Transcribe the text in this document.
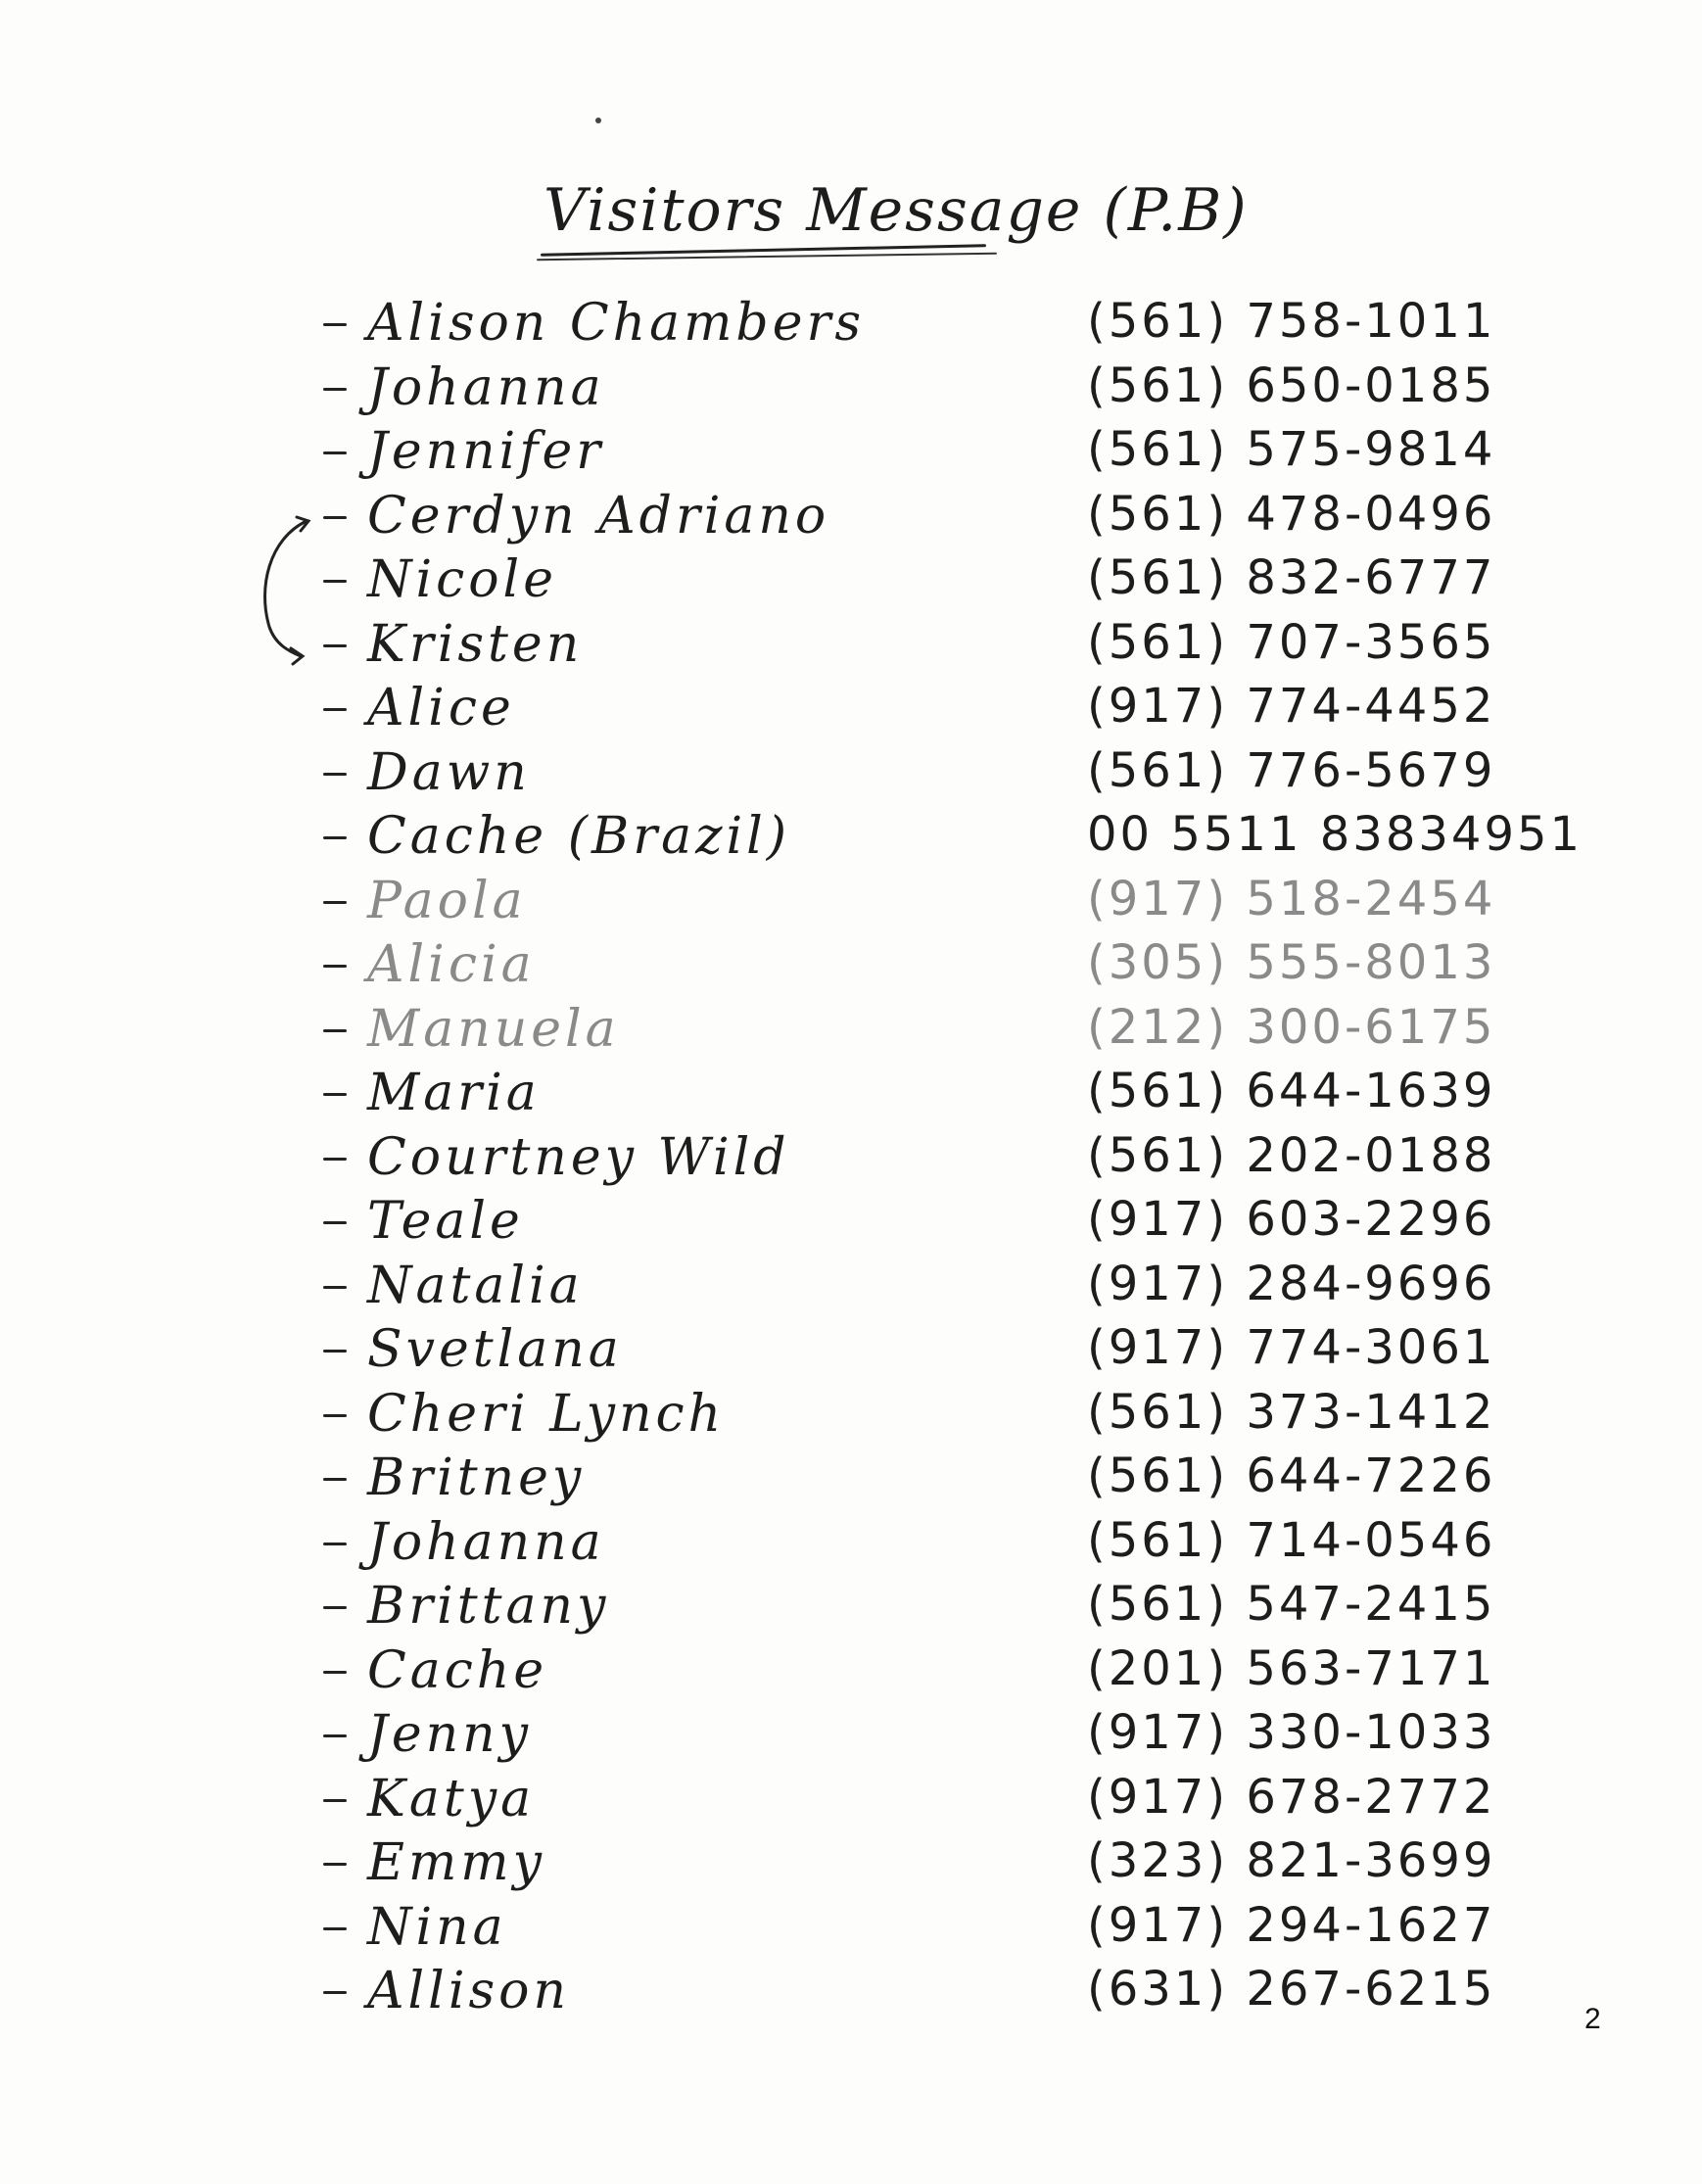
Visitors Message (P.B)
Alison Chambers	(561) 758-1011
Johanna	(561) 650-0185
Jennifer	(561) 575-9814
Cerdyn Adriano	(561) 478-0496
Nicole	(561) 832-6777
Kristen	(561) 707-3565
Alice	(917) 774-4452
Dawn	(561) 776-5679
Cache (Brazil)	00 5511 83834951
Paola	(917) 518-2454
Alicia	(305) 555-8013
Manuela	(212) 300-6175
Maria	(561) 644-1639
Courtney Wild	(561) 202-0188
Teale	(917) 603-2296
Natalia	(917) 284-9696
Svetlana	(917) 774-3061
Cheri Lynch	(561) 373-1412
Britney	(561) 644-7226
Johanna	(561) 714-0546
Brittany	(561) 547-2415
Cache	(201) 563-7171
Jenny	(917) 330-1033
Katya	(917) 678-2772
Emmy	(323) 821-3699
Nina	(917) 294-1627
Allison	(631) 267-6215
2
